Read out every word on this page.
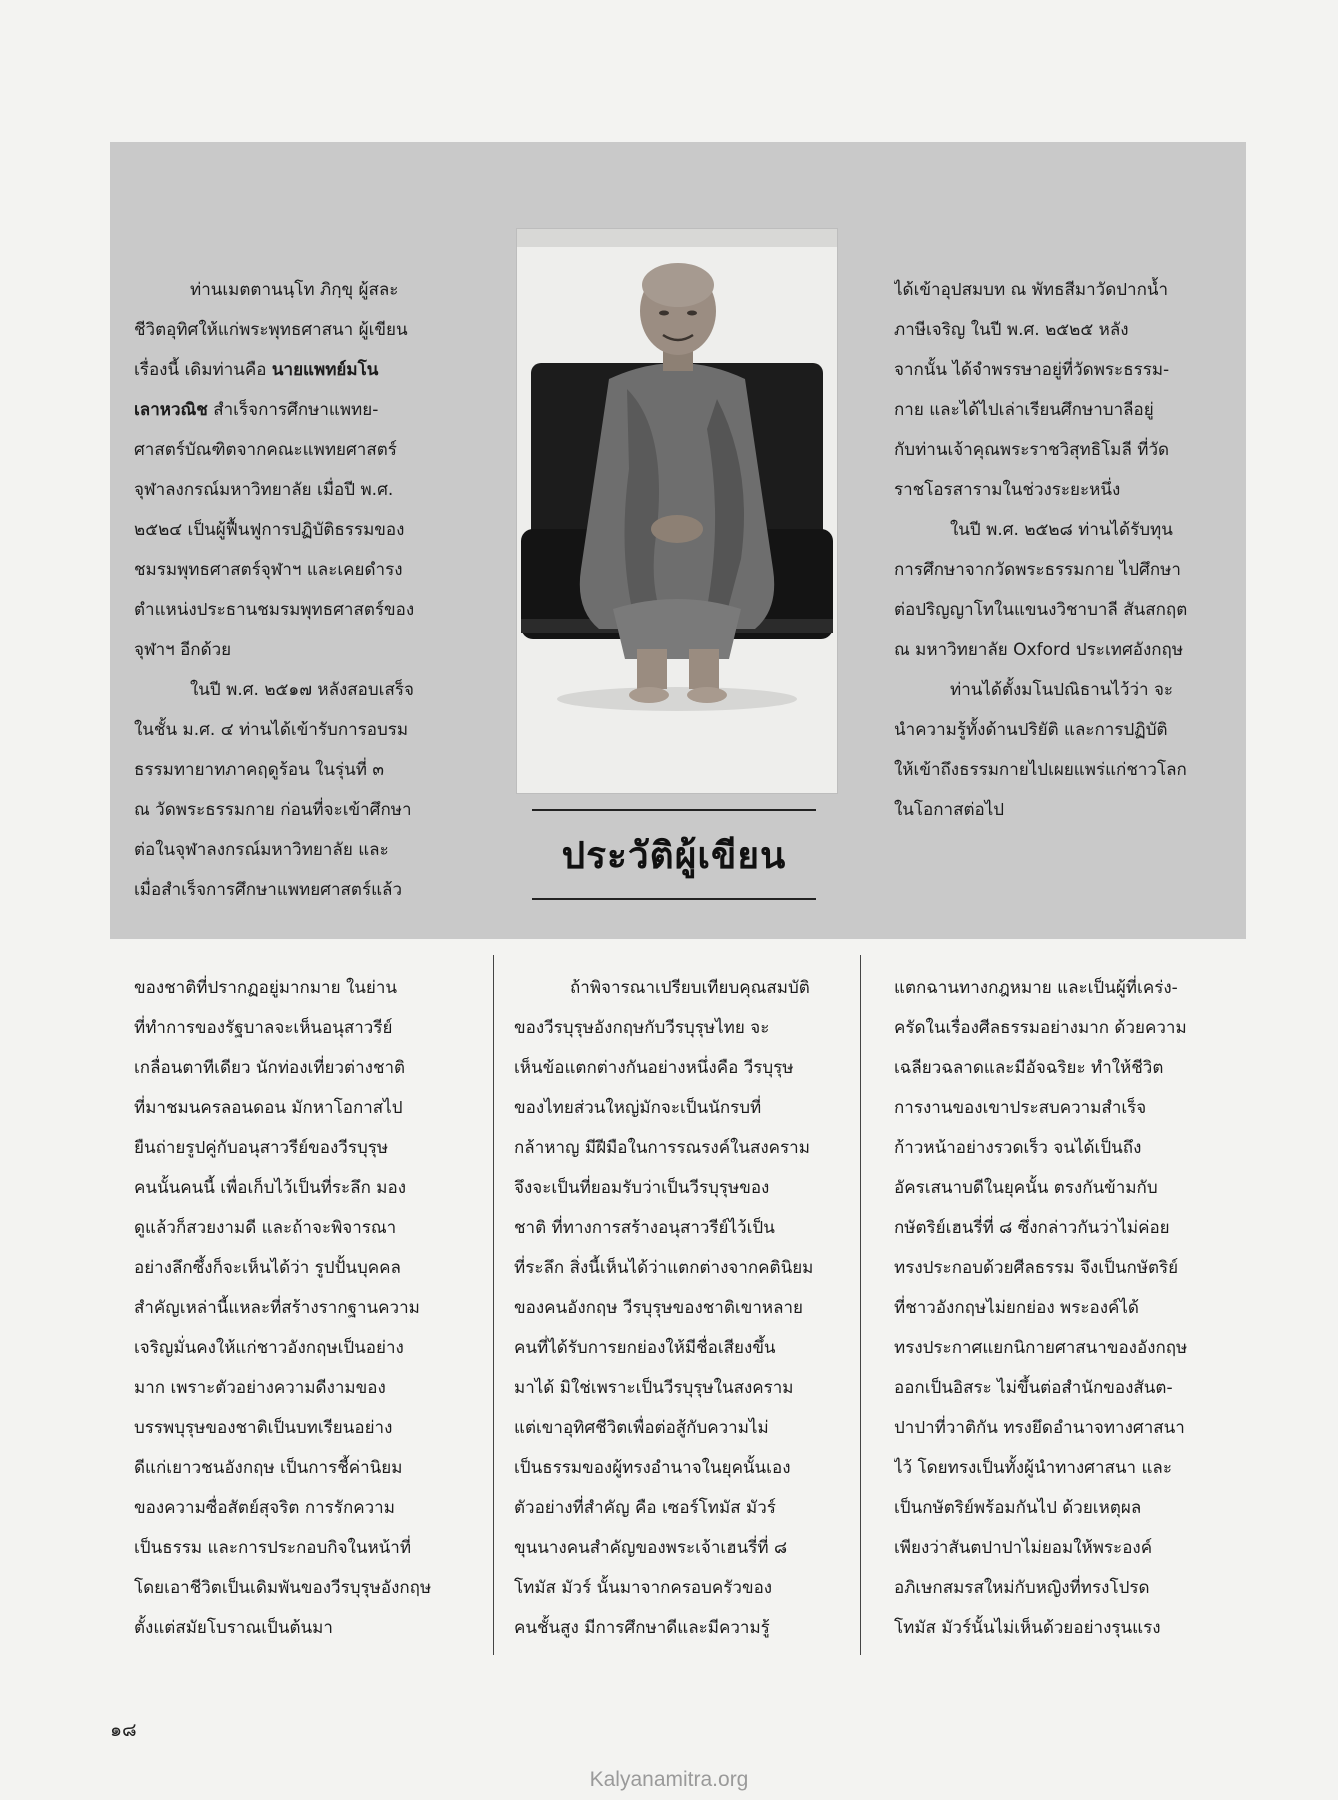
ท่านเมตตานนฺโท ภิกฺขุ ผู้สละ

ชีวิตอุทิศให้แก่พระพุทธศาสนา ผู้เขียน

เรื่องนี้ เดิมท่านคือ นายแพทย์มโน

เลาหวณิช สำเร็จการศึกษาแพทย-

ศาสตร์บัณฑิตจากคณะแพทยศาสตร์

จุฬาลงกรณ์มหาวิทยาลัย เมื่อปี พ.ศ.

๒๕๒๔ เป็นผู้ฟื้นฟูการปฏิบัติธรรมของ

ชมรมพุทธศาสตร์จุฬาฯ และเคยดำรง

ตำแหน่งประธานชมรมพุทธศาสตร์ของ

จุฬาฯ อีกด้วย

ในปี พ.ศ. ๒๕๑๗ หลังสอบเสร็จ

ในชั้น ม.ศ. ๔ ท่านได้เข้ารับการอบรม

ธรรมทายาทภาคฤดูร้อน ในรุ่นที่ ๓

ณ วัดพระธรรมกาย ก่อนที่จะเข้าศึกษา

ต่อในจุฬาลงกรณ์มหาวิทยาลัย และ

เมื่อสำเร็จการศึกษาแพทยศาสตร์แล้ว

ประวัติผู้เขียน

ได้เข้าอุปสมบท ณ พัทธสีมาวัดปากน้ำ

ภาษีเจริญ ในปี พ.ศ. ๒๕๒๕ หลัง

จากนั้น ได้จำพรรษาอยู่ที่วัดพระธรรม-

กาย และได้ไปเล่าเรียนศึกษาบาลีอยู่

กับท่านเจ้าคุณพระราชวิสุทธิโมลี ที่วัด

ราชโอรสารามในช่วงระยะหนึ่ง

ในปี พ.ศ. ๒๕๒๘ ท่านได้รับทุน

การศึกษาจากวัดพระธรรมกาย ไปศึกษา

ต่อปริญญาโทในแขนงวิชาบาลี สันสกฤต

ณ มหาวิทยาลัย Oxford ประเทศอังกฤษ

ท่านได้ตั้งมโนปณิธานไว้ว่า จะ

นำความรู้ทั้งด้านปริยัติ และการปฏิบัติ

ให้เข้าถึงธรรมกายไปเผยแพร่แก่ชาวโลก

ในโอกาสต่อไป

ของชาติที่ปรากฏอยู่มากมาย ในย่าน

ที่ทำการของรัฐบาลจะเห็นอนุสาวรีย์

เกลื่อนตาทีเดียว นักท่องเที่ยวต่างชาติ

ที่มาชมนครลอนดอน มักหาโอกาสไป

ยืนถ่ายรูปคู่กับอนุสาวรีย์ของวีรบุรุษ

คนนั้นคนนี้ เพื่อเก็บไว้เป็นที่ระลึก มอง

ดูแล้วก็สวยงามดี และถ้าจะพิจารณา

อย่างลึกซึ้งก็จะเห็นได้ว่า รูปปั้นบุคคล

สำคัญเหล่านี้แหละที่สร้างรากฐานความ

เจริญมั่นคงให้แก่ชาวอังกฤษเป็นอย่าง

มาก เพราะตัวอย่างความดีงามของ

บรรพบุรุษของชาติเป็นบทเรียนอย่าง

ดีแก่เยาวชนอังกฤษ เป็นการชี้ค่านิยม

ของความซื่อสัตย์สุจริต การรักความ

เป็นธรรม และการประกอบกิจในหน้าที่

โดยเอาชีวิตเป็นเดิมพันของวีรบุรุษอังกฤษ

ตั้งแต่สมัยโบราณเป็นต้นมา

ถ้าพิจารณาเปรียบเทียบคุณสมบัติ

ของวีรบุรุษอังกฤษกับวีรบุรุษไทย จะ

เห็นข้อแตกต่างกันอย่างหนึ่งคือ วีรบุรุษ

ของไทยส่วนใหญ่มักจะเป็นนักรบที่

กล้าหาญ มีฝีมือในการรณรงค์ในสงคราม

จึงจะเป็นที่ยอมรับว่าเป็นวีรบุรุษของ

ชาติ ที่ทางการสร้างอนุสาวรีย์ไว้เป็น

ที่ระลึก สิ่งนี้เห็นได้ว่าแตกต่างจากคตินิยม

ของคนอังกฤษ วีรบุรุษของชาติเขาหลาย

คนที่ได้รับการยกย่องให้มีชื่อเสียงขึ้น

มาได้ มิใช่เพราะเป็นวีรบุรุษในสงคราม

แต่เขาอุทิศชีวิตเพื่อต่อสู้กับความไม่

เป็นธรรมของผู้ทรงอำนาจในยุคนั้นเอง

ตัวอย่างที่สำคัญ คือ เซอร์โทมัส มัวร์

ขุนนางคนสำคัญของพระเจ้าเฮนรี่ที่ ๘

โทมัส มัวร์ นั้นมาจากครอบครัวของ

คนชั้นสูง มีการศึกษาดีและมีความรู้

แตกฉานทางกฎหมาย และเป็นผู้ที่เคร่ง-

ครัดในเรื่องศีลธรรมอย่างมาก ด้วยความ

เฉลียวฉลาดและมีอัจฉริยะ ทำให้ชีวิต

การงานของเขาประสบความสำเร็จ

ก้าวหน้าอย่างรวดเร็ว จนได้เป็นถึง

อัครเสนาบดีในยุคนั้น ตรงกันข้ามกับ

กษัตริย์เฮนรี่ที่ ๘ ซึ่งกล่าวกันว่าไม่ค่อย

ทรงประกอบด้วยศีลธรรม จึงเป็นกษัตริย์

ที่ชาวอังกฤษไม่ยกย่อง พระองค์ได้

ทรงประกาศแยกนิกายศาสนาของอังกฤษ

ออกเป็นอิสระ ไม่ขึ้นต่อสำนักของสันต-

ปาปาที่วาติกัน ทรงยึดอำนาจทางศาสนา

ไว้ โดยทรงเป็นทั้งผู้นำทางศาสนา และ

เป็นกษัตริย์พร้อมกันไป ด้วยเหตุผล

เพียงว่าสันตปาปาไม่ยอมให้พระองค์

อภิเษกสมรสใหม่กับหญิงที่ทรงโปรด

โทมัส มัวร์นั้นไม่เห็นด้วยอย่างรุนแรง

๑๘
Kalyanamitra.org
